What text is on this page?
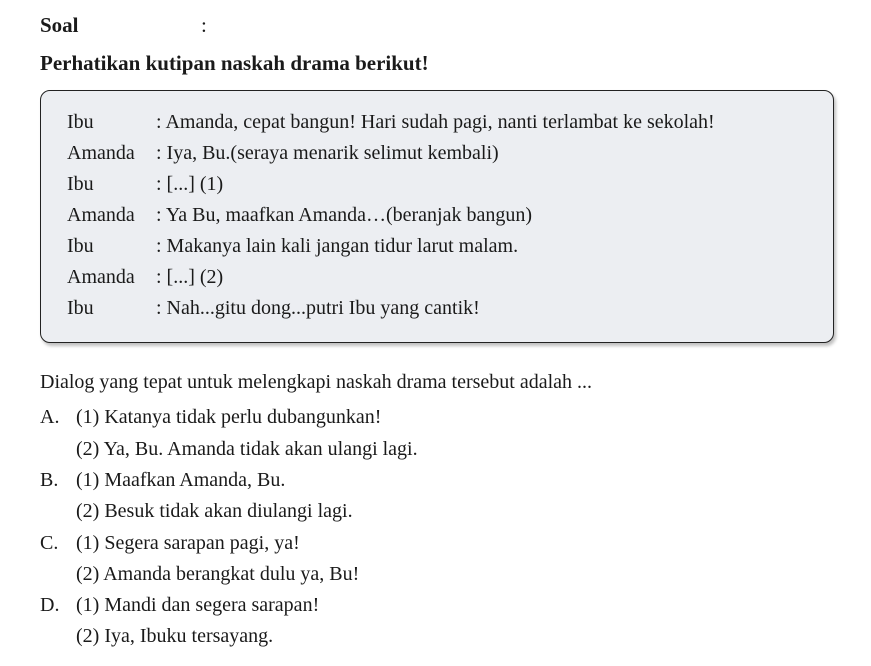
Soal	:
Perhatikan kutipan naskah drama berikut!
Ibu	: Amanda, cepat bangun! Hari sudah pagi, nanti terlambat ke sekolah!
Amanda : Iya, Bu.(seraya menarik selimut kembali)
Ibu	: [...] (1)
Amanda : Ya Bu, maafkan Amanda…(beranjak bangun)
Ibu	: Makanya lain kali jangan tidur larut malam.
Amanda : [...] (2)
Ibu	: Nah...gitu dong...putri Ibu yang cantik!
Dialog yang tepat untuk melengkapi naskah drama tersebut adalah ...
A. (1) Katanya tidak perlu dubangunkan!
(2) Ya, Bu. Amanda tidak akan ulangi lagi.
B. (1) Maafkan Amanda, Bu.
(2) Besuk tidak akan diulangi lagi.
C. (1) Segera sarapan pagi, ya!
(2) Amanda berangkat dulu ya, Bu!
D. (1) Mandi dan segera sarapan!
(2) Iya, Ibuku tersayang.
